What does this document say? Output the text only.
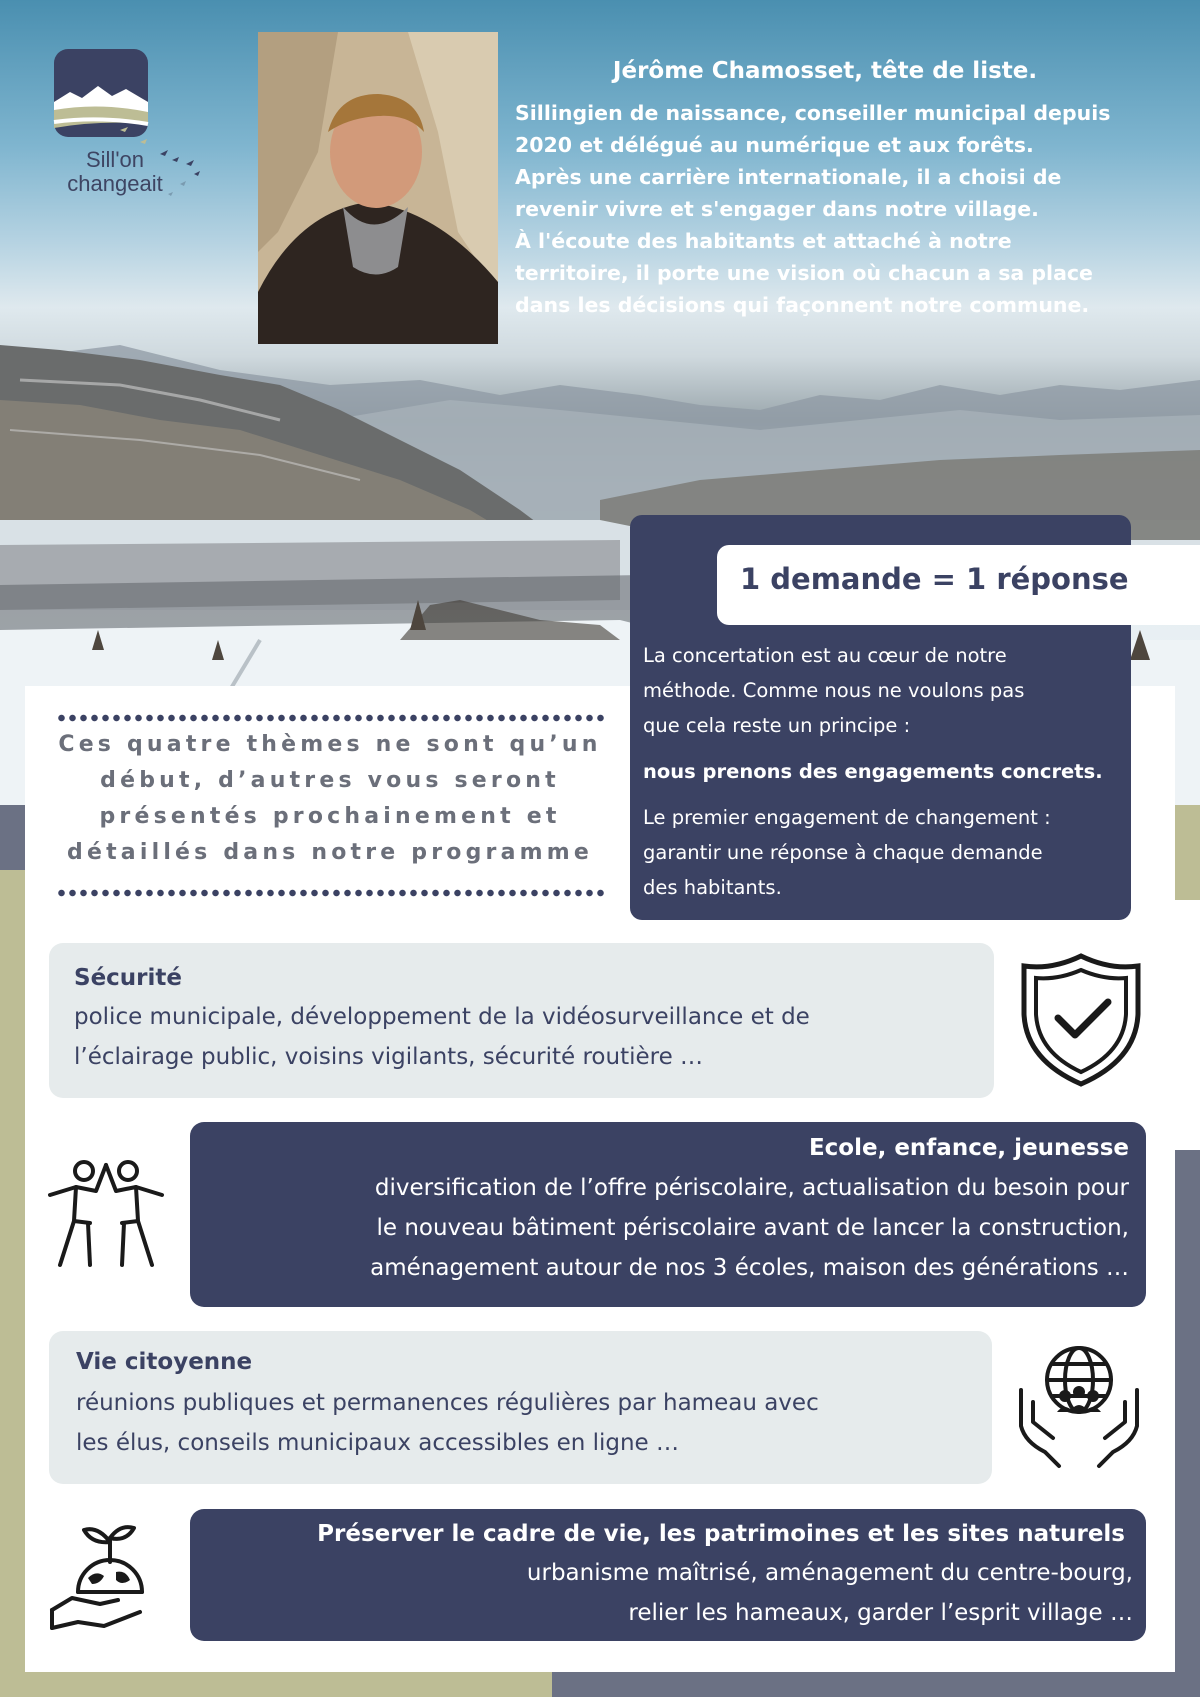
Sill'on
changeait
Jérôme Chamosset, tête de liste.
Sillingien de naissance, conseiller municipal depuis
2020 et délégué au numérique et aux forêts.
Après une carrière internationale, il a choisi de
revenir vivre et s'engager dans notre village.
À l'écoute des habitants et attaché à notre
territoire, il porte une vision où chacun a sa place
dans les décisions qui façonnent notre commune.
1 demande = 1 réponse

La concertation est au cœur de notre

méthode. Comme nous ne voulons pas

que cela reste un principe :

nous prenons des engagements concrets.

Le premier engagement de changement :

garantir une réponse à chaque demande

des habitants.

Ces quatre thèmes ne sont qu’un
début, d’autres vous seront
présentés prochainement et
détaillés dans notre programme
Sécurité
police municipale, développement de la vidéosurveillance et de
l’éclairage public, voisins vigilants, sécurité routière …
Ecole, enfance, jeunesse
diversification de l’offre périscolaire, actualisation du besoin pour
le nouveau bâtiment périscolaire avant de lancer la construction,
aménagement autour de nos 3 écoles, maison des générations …
Vie citoyenne
réunions publiques et permanences régulières par hameau avec
les élus, conseils municipaux accessibles en ligne …
Préserver le cadre de vie, les patrimoines et les sites naturels
urbanisme maîtrisé, aménagement du centre-bourg,
relier les hameaux, garder l’esprit village …
